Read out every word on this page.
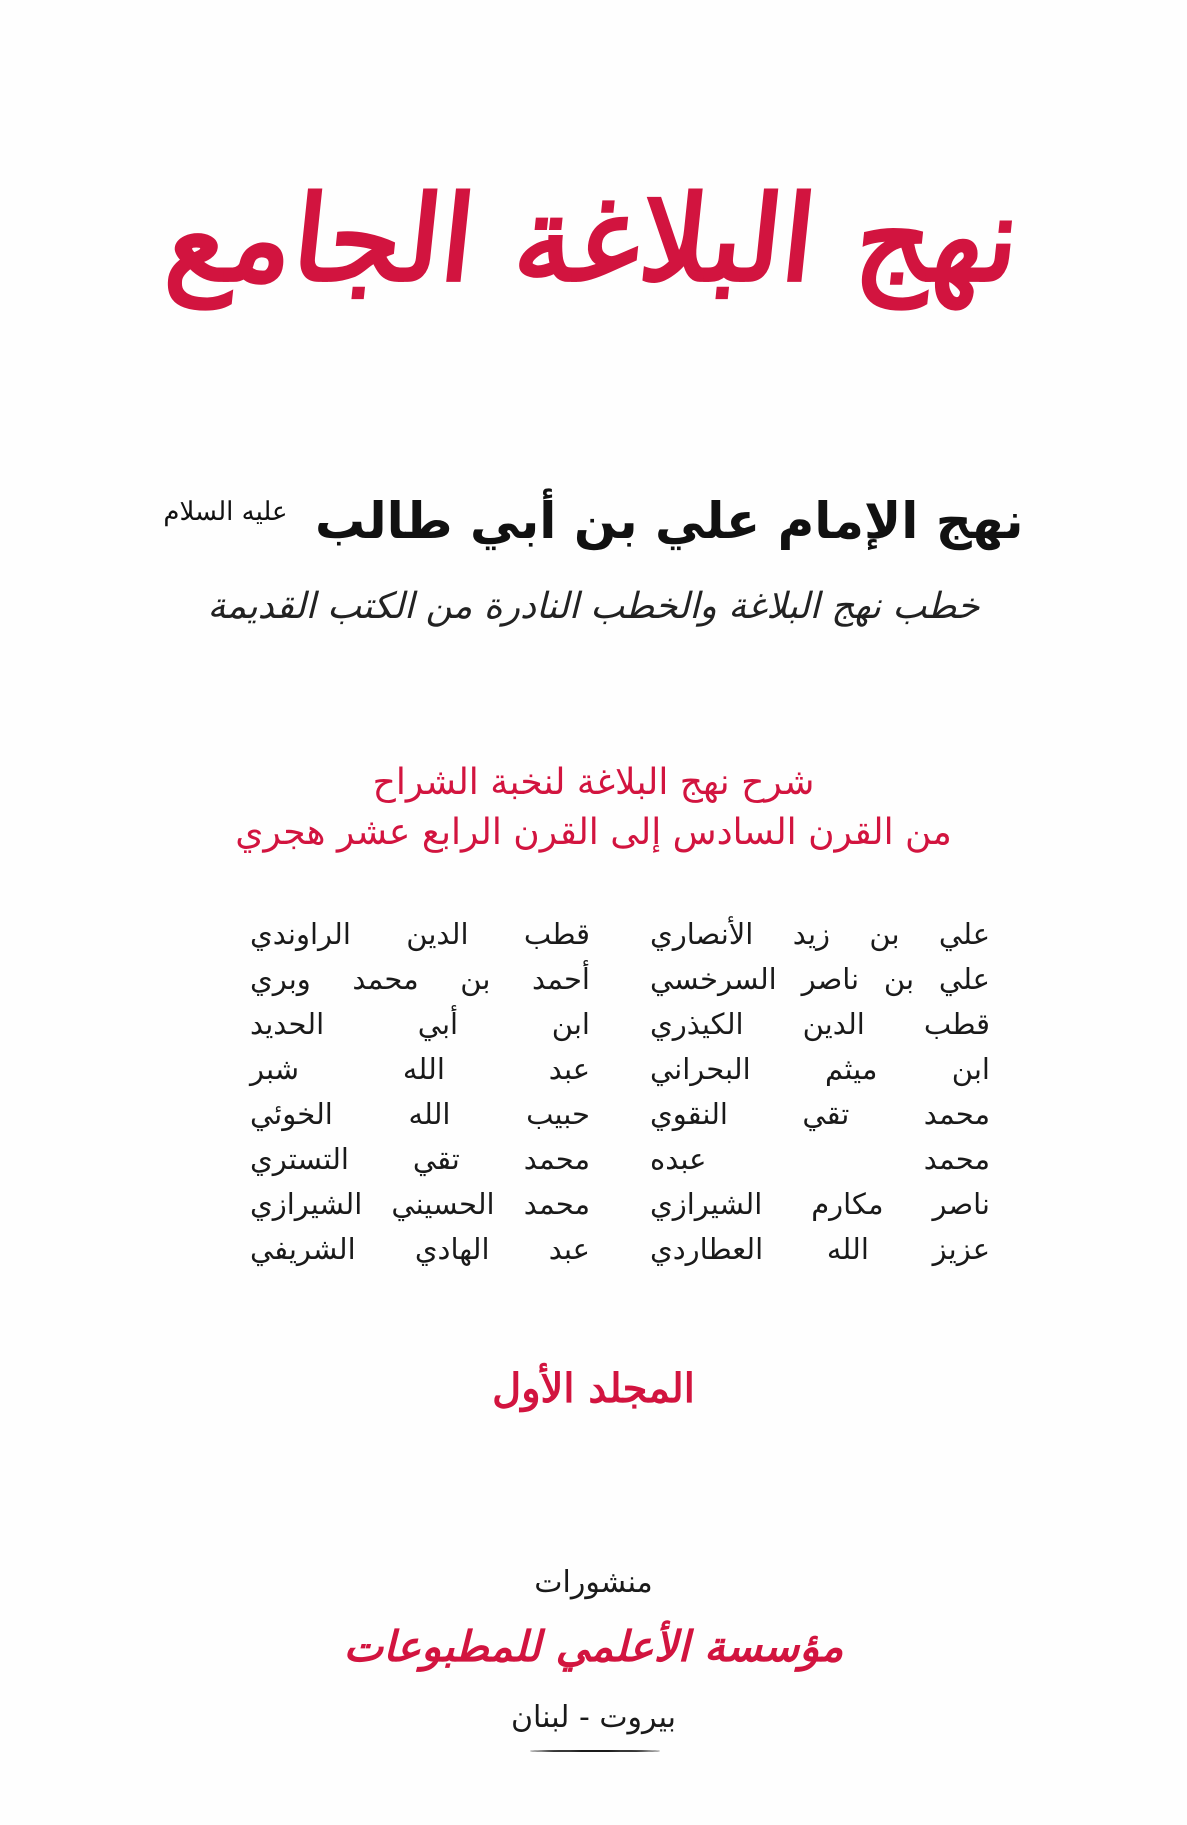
نهج البلاغة الجامع
نهج الإمام علي بن أبي طالب $^{عليه السلام}$
خطب نهج البلاغة والخطب النادرة من الكتب القديمة
شرح نهج البلاغة لنخبة الشراح
من القرن السادس إلى القرن الرابع عشر هجري
علي بن زيد الأنصاري
علي بن ناصر السرخسي
قطب الدين الكيذري
ابن ميثم البحراني
محمد تقي النقوي
محمد عبده
ناصر مكارم الشيرازي
عزيز الله العطاردي
قطب الدين الراوندي
أحمد بن محمد وبري
ابن أبي الحديد
عبد الله شبر
حبيب الله الخوئي
محمد تقي التستري
محمد الحسيني الشيرازي
عبد الهادي الشريفي
المجلد الأول
منشورات
مؤسسة الأعلمي للمطبوعات
بيروت - لبنان
